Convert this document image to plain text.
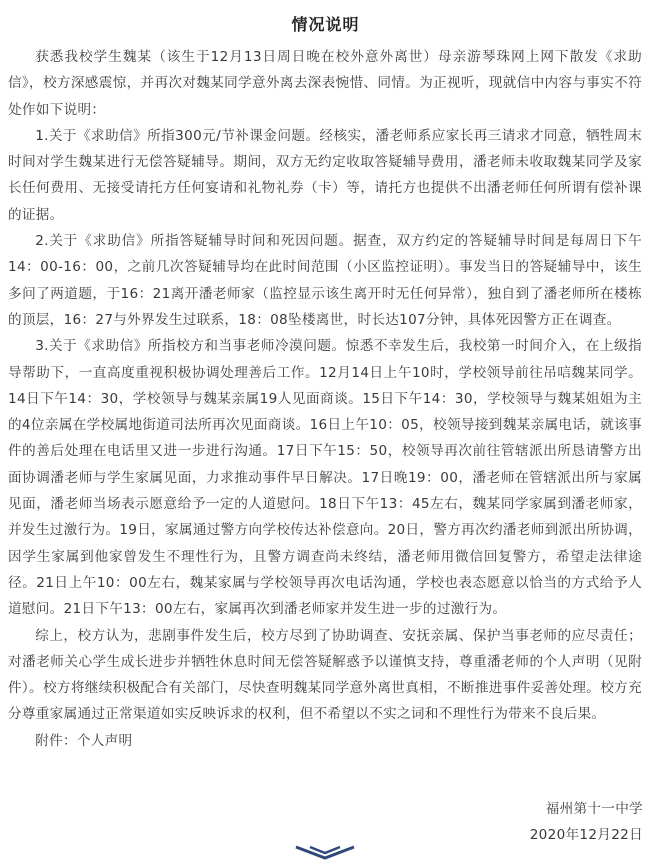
情况说明

获悉我校学生魏某（该生于12月13日周日晚在校外意外离世）母亲游琴珠网上网下散发《求助信》，校方深感震惊，并再次对魏某同学意外离去深表惋惜、同情。为正视听，现就信中内容与事实不符处作如下说明：

1.关于《求助信》所指300元/节补课金问题。经核实，潘老师系应家长再三请求才同意，牺牲周末时间对学生魏某进行无偿答疑辅导。期间，双方无约定收取答疑辅导费用，潘老师未收取魏某同学及家长任何费用、无接受请托方任何宴请和礼物礼券（卡）等，请托方也提供不出潘老师任何所谓有偿补课的证据。

2.关于《求助信》所指答疑辅导时间和死因问题。据查，双方约定的答疑辅导时间是每周日下午14：00-16：00，之前几次答疑辅导均在此时间范围（小区监控证明）。事发当日的答疑辅导中，该生多问了两道题，于16：21离开潘老师家（监控显示该生离开时无任何异常），独自到了潘老师所在楼栋的顶层，16：27与外界发生过联系，18：08坠楼离世，时长达107分钟，具体死因警方正在调查。

3.关于《求助信》所指校方和当事老师冷漠问题。惊悉不幸发生后，我校第一时间介入，在上级指导帮助下，一直高度重视积极协调处理善后工作。12月14日上午10时，学校领导前往吊唁魏某同学。14日下午14：30，学校领导与魏某亲属19人见面商谈。15日下午14：30，学校领导与魏某姐姐为主的4位亲属在学校属地街道司法所再次见面商谈。16日上午10：05，校领导接到魏某亲属电话，就该事件的善后处理在电话里又进一步进行沟通。17日下午15：50，校领导再次前往管辖派出所恳请警方出面协调潘老师与学生家属见面，力求推动事件早日解决。17日晚19：00，潘老师在管辖派出所与家属见面，潘老师当场表示愿意给予一定的人道慰问。18日下午13：45左右，魏某同学家属到潘老师家，并发生过激行为。19日，家属通过警方向学校传达补偿意向。20日，警方再次约潘老师到派出所协调，因学生家属到他家曾发生不理性行为，且警方调查尚未终结，潘老师用微信回复警方，希望走法律途径。21日上午10：00左右，魏某家属与学校领导再次电话沟通，学校也表态愿意以恰当的方式给予人道慰问。21日下午13：00左右，家属再次到潘老师家并发生进一步的过激行为。

综上，校方认为，悲剧事件发生后，校方尽到了协助调查、安抚亲属、保护当事老师的应尽责任；对潘老师关心学生成长进步并牺牲休息时间无偿答疑解惑予以谨慎支持，尊重潘老师的个人声明（见附件）。校方将继续积极配合有关部门，尽快查明魏某同学意外离世真相，不断推进事件妥善处理。校方充分尊重家属通过正常渠道如实反映诉求的权利，但不希望以不实之词和不理性行为带来不良后果。

附件：个人声明

福州第十一中学
2020年12月22日
